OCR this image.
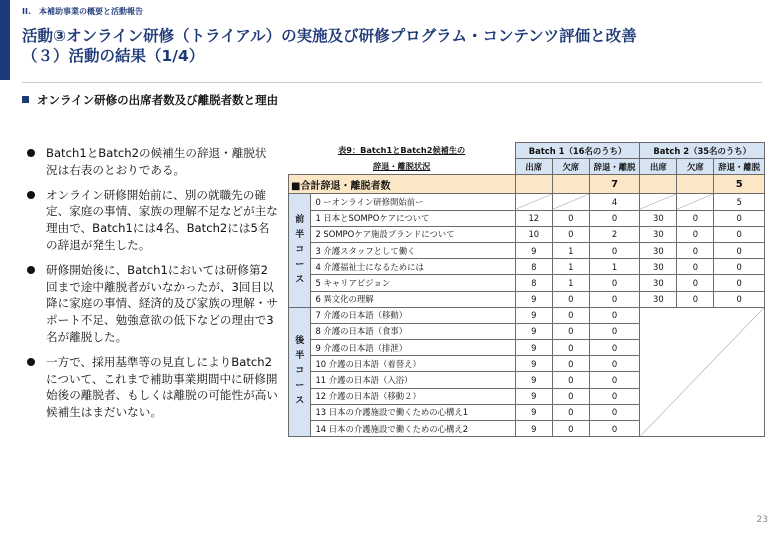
II.　本補助事業の概要と活動報告
活動③オンライン研修（トライアル）の実施及び研修プログラム・コンテンツ評価と改善
（３）活動の結果（1/4）
オンライン研修の出席者数及び離脱者数と理由
Batch1とBatch2の候補生の辞退・離脱状況は右表のとおりである。
オンライン研修開始前に、別の就職先の確定、家庭の事情、家族の理解不足などが主な理由で、Batch1には4名、Batch2には5名の辞退が発生した。
研修開始後に、Batch1においては研修第2回まで途中離脱者がいなかったが、3回目以降に家庭の事情、経済的及び家族の理解・サポート不足、勉強意欲の低下などの理由で3名が離脱した。
一方で、採用基準等の見直しによりBatch2について、これまで補助事業期間中に研修開始後の離脱者、もしくは離脱の可能性が高い候補生はまだいない。
表9：Batch1とBatch2候補生の		Batch 1（16名のうち）			Batch 2（35名のうち）		
辞退・離脱状況		出席	欠席	辞退・離脱	出席	欠席	辞退・離脱
■合計辞退・離脱者数				7			5
前
半
コ
ー
ス	0 ーオンライン研修開始前ー			4			5
	1 日本とSOMPOケアについて	12	0	0	30	0	0
	2 SOMPOケア施設ブランドについて	10	0	2	30	0	0
	3 介護スタッフとして働く	9	1	0	30	0	0
	4 介護福祉士になるためには	8	1	1	30	0	0
	5 キャリアビジョン	8	1	0	30	0	0
	6 異文化の理解	9	0	0	30	0	0
後
半
コ
ー
ス	7 介護の日本語（移動）	9	0	0	

	8 介護の日本語（食事）	9	0	0			
	9 介護の日本語（排泄）	9	0	0			
	10 介護の日本語（着替え）	9	0	0			
	11 介護の日本語（入浴）	9	0	0			
	12 介護の日本語（移動２）	9	0	0			
	13 日本の介護施設で働くための心構え1	9	0	0			
	14 日本の介護施設で働くための心構え2	9	0	0			
23
